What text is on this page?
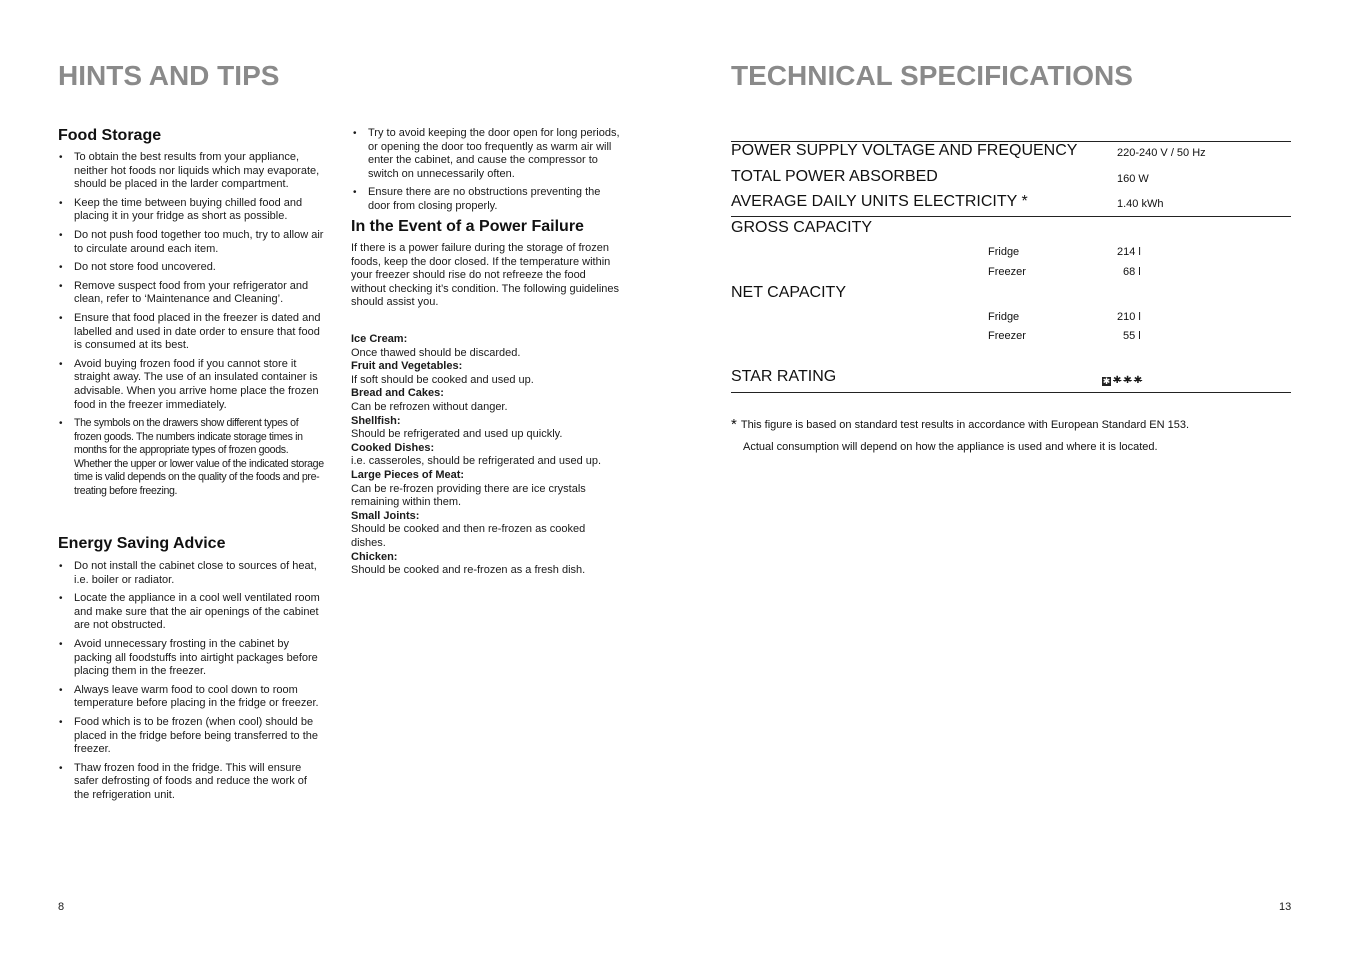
HINTS AND TIPS
Food Storage
• To obtain the best results from your appliance, neither hot foods nor liquids which may evaporate, should be placed in the larder compartment.
• Keep the time between buying chilled food and placing it in your fridge as short as possible.
• Do not push food together too much, try to allow air to circulate around each item.
• Do not store food uncovered.
• Remove suspect food from your refrigerator and clean, refer to ‘Maintenance and Cleaning’.
• Ensure that food placed in the freezer is dated and labelled and used in date order to ensure that food is consumed at its best.
• Avoid buying frozen food if you cannot store it straight away. The use of an insulated container is advisable. When you arrive home place the frozen food in the freezer immediately.
• The symbols on the drawers show different types of frozen goods. The numbers indicate storage times in months for the appropriate types of frozen goods. Whether the upper or lower value of the indicated storage time is valid depends on the quality of the foods and pre-treating before freezing.
Energy Saving Advice
• Do not install the cabinet close to sources of heat, i.e. boiler or radiator.
• Locate the appliance in a cool well ventilated room and make sure that the air openings of the cabinet are not obstructed.
• Avoid unnecessary frosting in the cabinet by packing all foodstuffs into airtight packages before placing them in the freezer.
• Always leave warm food to cool down to room temperature before placing in the fridge or freezer.
• Food which is to be frozen (when cool) should be placed in the fridge before being transferred to the freezer.
• Thaw frozen food in the fridge. This will ensure safer defrosting of foods and reduce the work of the refrigeration unit.
• Try to avoid keeping the door open for long periods, or opening the door too frequently as warm air will enter the cabinet, and cause the compressor to switch on unnecessarily often.
• Ensure there are no obstructions preventing the door from closing properly.
In the Event of a Power Failure

If there is a power failure during the storage of frozen foods, keep the door closed. If the temperature within your freezer should rise do not refreeze the food without checking it’s condition. The following guidelines should assist you.

Ice Cream:
Once thawed should be discarded.
Fruit and Vegetables:
If soft should be cooked and used up.
Bread and Cakes:
Can be refrozen without danger.
Shellfish:
Should be refrigerated and used up quickly.
Cooked Dishes:
i.e. casseroles, should be refrigerated and used up.
Large Pieces of Meat:
Can be re-frozen providing there are ice crystals remaining within them.
Small Joints:
Should be cooked and then re-frozen as cooked dishes.
Chicken:
Should be cooked and re-frozen as a fresh dish.
8
TECHNICAL SPECIFICATIONS
POWER SUPPLY VOLTAGE AND FREQUENCY	220-240 V / 50 Hz
TOTAL POWER ABSORBED	160 W
AVERAGE DAILY UNITS ELECTRICITY *	1.40 kWh
GROSS CAPACITY
Fridge	214 l
Freezer	68 l
NET CAPACITY
Fridge	210 l
Freezer	55 l
STAR RATING	✱ ✱ ✱ ✱
* This figure is based on standard test results in accordance with European Standard EN 153.
Actual consumption will depend on how the appliance is used and where it is located.
13
